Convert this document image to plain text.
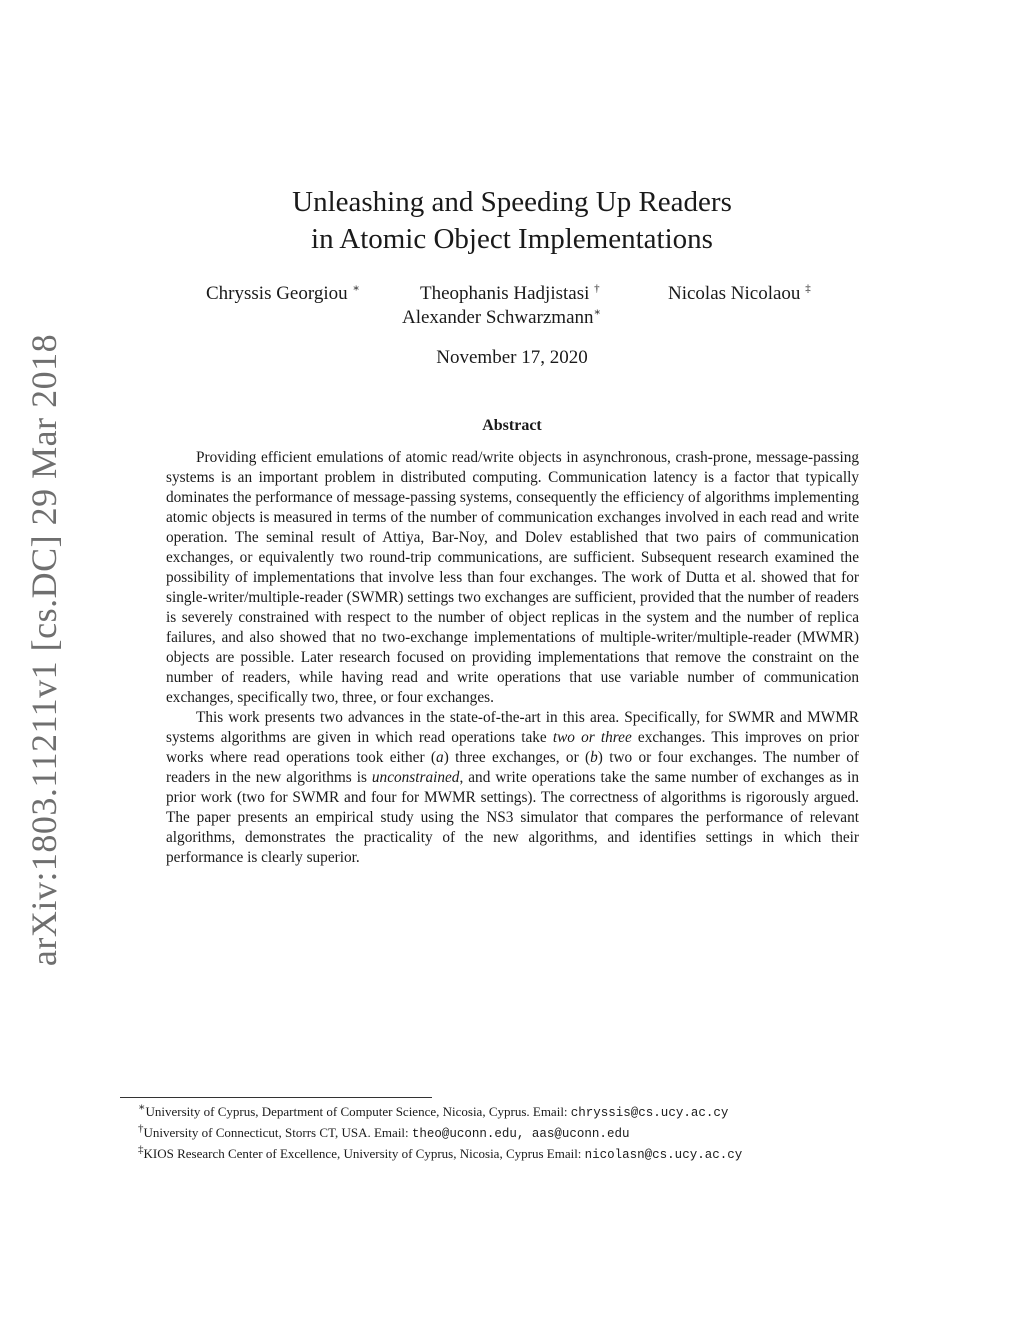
arXiv:1803.11211v1 [cs.DC] 29 Mar 2018
Unleashing and Speeding Up Readers
in Atomic Object Implementations
Chryssis Georgiou ∗	Theophanis Hadjistasi †	Nicolas Nicolaou ‡
Alexander Schwarzmann∗
November 17, 2020
Abstract

Providing efficient emulations of atomic read/write objects in asynchronous, crash-prone, message-passing systems is an important problem in distributed computing. Communication latency is a factor that typically dominates the performance of message-passing systems, consequently the efficiency of algorithms implementing atomic objects is measured in terms of the number of communication exchanges involved in each read and write operation. The seminal result of Attiya, Bar-Noy, and Dolev established that two pairs of communication exchanges, or equivalently two round-trip communications, are sufficient. Subsequent research examined the possibility of implementations that involve less than four exchanges. The work of Dutta et al. showed that for single-writer/multiple-reader (SWMR) settings two exchanges are sufficient, provided that the number of readers is severely constrained with respect to the number of object replicas in the system and the number of replica failures, and also showed that no two-exchange implementations of multiple-writer/multiple-reader (MWMR) objects are possible. Later research focused on providing implementations that remove the constraint on the number of readers, while having read and write operations that use variable number of communication exchanges, specifically two, three, or four exchanges.

This work presents two advances in the state-of-the-art in this area. Specifically, for SWMR and MWMR systems algorithms are given in which read operations take two or three exchanges. This improves on prior works where read operations took either (a) three exchanges, or (b) two or four exchanges. The number of readers in the new algorithms is unconstrained, and write operations take the same number of exchanges as in prior work (two for SWMR and four for MWMR settings). The correctness of algorithms is rigorously argued. The paper presents an empirical study using the NS3 simulator that compares the performance of relevant algorithms, demonstrates the practicality of the new algorithms, and identifies settings in which their performance is clearly superior.

∗University of Cyprus, Department of Computer Science, Nicosia, Cyprus. Email: chryssis@cs.ucy.ac.cy
†University of Connecticut, Storrs CT, USA. Email: theo@uconn.edu, aas@uconn.edu
‡KIOS Research Center of Excellence, University of Cyprus, Nicosia, Cyprus Email: nicolasn@cs.ucy.ac.cy
